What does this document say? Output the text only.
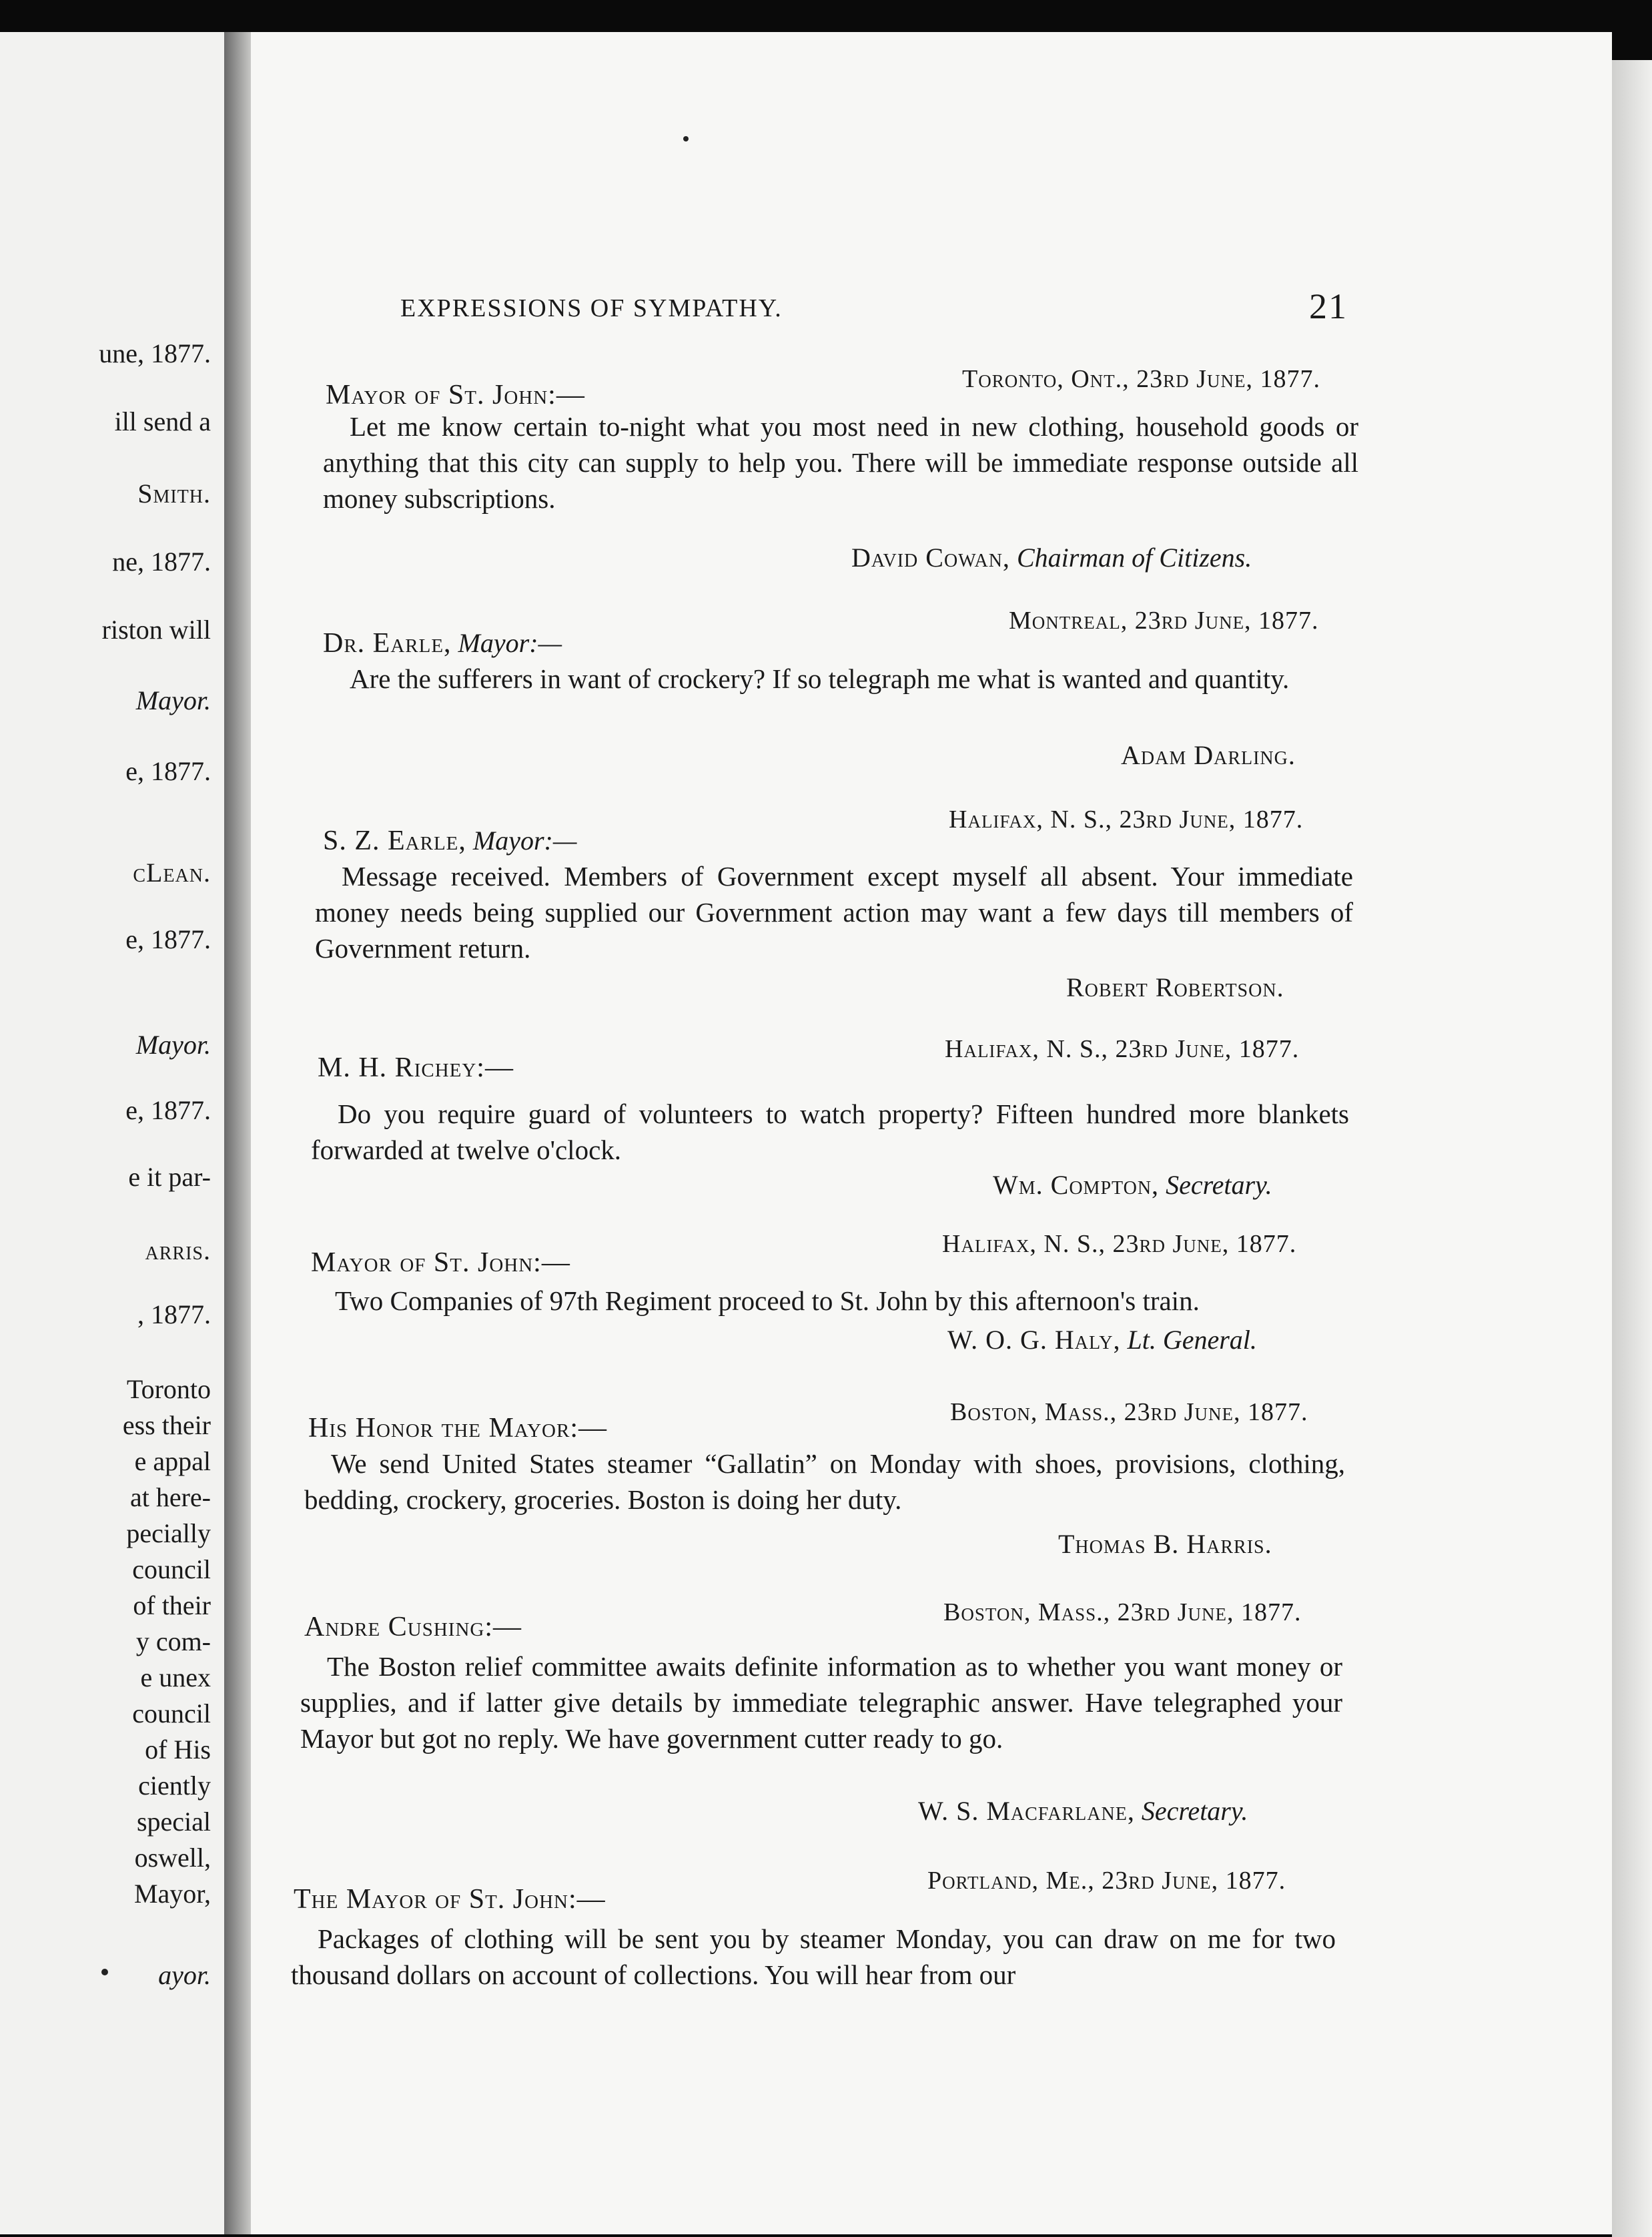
une, 1877.
ill send a
Smith.
ne, 1877.
riston will
Mayor.
e, 1877.
cLean.
e, 1877.
Mayor.
e, 1877.
e it par-
arris.
, 1877.
Toronto
ess their
e appal
at here-
pecially
council
of their
y com-
e unex
council
of His
ciently
special
oswell,
Mayor,
ayor.
EXPRESSIONS OF SYMPATHY.	21
Toronto, Ont., 23rd June, 1877.
Mayor of St. John:—

Let me know certain to-night what you most need in new clothing, household goods or anything that this city can supply to help you. There will be immediate response outside all money subscriptions.

David Cowan, Chairman of Citizens.
Montreal, 23rd June, 1877.
Dr. Earle, Mayor:—

Are the sufferers in want of crockery? If so telegraph me what is wanted and quantity.

Adam Darling.
Halifax, N. S., 23rd June, 1877.
S. Z. Earle, Mayor:—

Message received. Members of Government except myself all absent. Your immediate money needs being supplied our Government action may want a few days till members of Government return.

Robert Robertson.
Halifax, N. S., 23rd June, 1877.
M. H. Richey:—

Do you require guard of volunteers to watch property? Fifteen hundred more blankets forwarded at twelve o'clock.

Wm. Compton, Secretary.
Halifax, N. S., 23rd June, 1877.
Mayor of St. John:—

Two Companies of 97th Regiment proceed to St. John by this afternoon's train.

W. O. G. Haly, Lt. General.
Boston, Mass., 23rd June, 1877.
His Honor the Mayor:—

We send United States steamer “Gallatin” on Monday with shoes, provisions, clothing, bedding, crockery, groceries. Boston is doing her duty.

Thomas B. Harris.
Boston, Mass., 23rd June, 1877.
Andre Cushing:—

The Boston relief committee awaits definite information as to whether you want money or supplies, and if latter give details by immediate telegraphic answer. Have telegraphed your Mayor but got no reply. We have government cutter ready to go.

W. S. Macfarlane, Secretary.
Portland, Me., 23rd June, 1877.
The Mayor of St. John:—

Packages of clothing will be sent you by steamer Monday, you can draw on me for two thousand dollars on account of collections. You will hear from our
